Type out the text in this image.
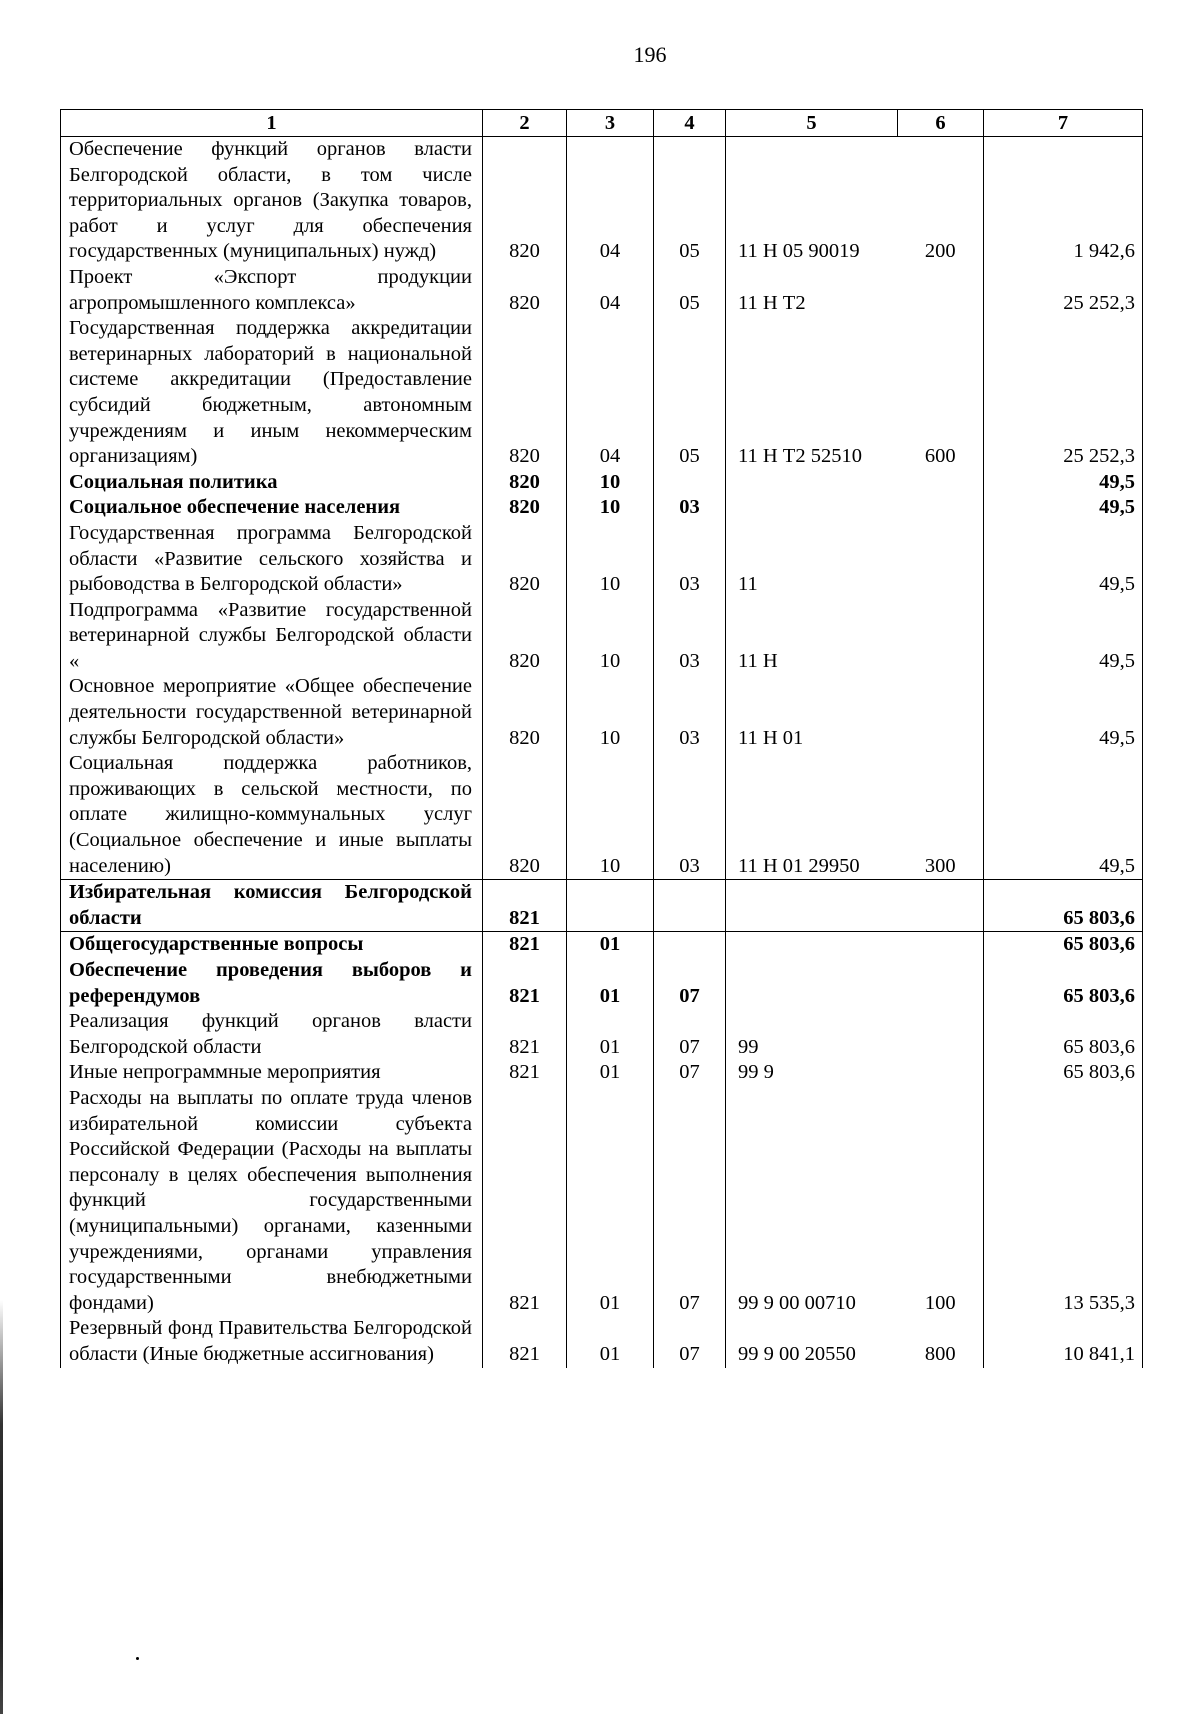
196
1	2	3	4	5	6	7
Обеспечение функций органов власти Белгородской области, в том числе территориальных органов (Закупка товаров, работ и услуг для обеспечения государственных (муниципальных) нужд)	820	04	05	11 Н 05 90019	200	1 942,6
Проект «Экспорт продукции агропромышленного комплекса»	820	04	05	11 Н Т2		25 252,3
Государственная поддержка аккредитации ветеринарных лабораторий в национальной системе аккредитации (Предоставление субсидий бюджетным, автономным учреждениям и иным некоммерческим организациям)	820	04	05	11 Н Т2 52510	600	25 252,3
Социальная политика	820	10				49,5
Социальное обеспечение населения	820	10	03			49,5
Государственная программа Белгородской области «Развитие сельского хозяйства и рыбоводства в Белгородской области»	820	10	03	11		49,5
Подпрограмма «Развитие государственной ветеринарной службы Белгородской области «	820	10	03	11 Н		49,5
Основное мероприятие «Общее обеспечение деятельности государственной ветеринарной службы Белгородской области»	820	10	03	11 Н 01		49,5
Социальная поддержка работников, проживающих в сельской местности, по оплате жилищно-коммунальных услуг (Социальное обеспечение и иные выплаты населению)	820	10	03	11 Н 01 29950	300	49,5
Избирательная комиссия Белгородской области	821					65 803,6
Общегосударственные вопросы	821	01				65 803,6
Обеспечение проведения выборов и референдумов	821	01	07			65 803,6
Реализация функций органов власти Белгородской области	821	01	07	99		65 803,6
Иные непрограммные мероприятия	821	01	07	99 9		65 803,6
Расходы на выплаты по оплате труда членов избирательной комиссии субъекта Российской Федерации (Расходы на выплаты персоналу в целях обеспечения выполнения функций государственными (муниципальными) органами, казенными учреждениями, органами управления государственными внебюджетными фондами)	821	01	07	99 9 00 00710	100	13 535,3
Резервный фонд Правительства Белгородской области (Иные бюджетные ассигнования)	821	01	07	99 9 00 20550	800	10 841,1
